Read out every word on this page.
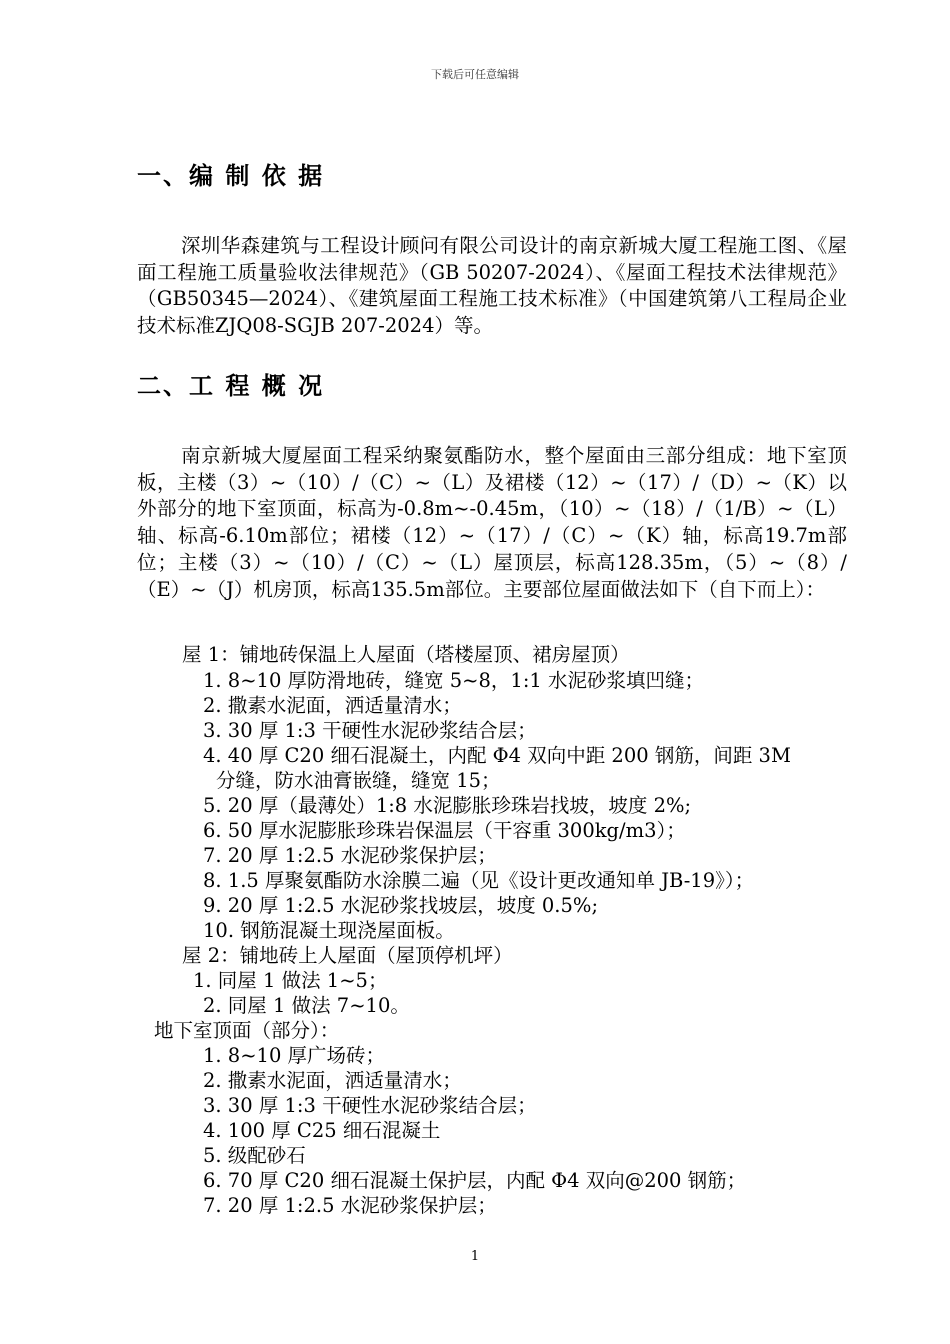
下载后可任意编辑
一、编 制 依 据
深圳华森建筑与工程设计顾问有限公司设计的南京新城大厦工程施工图、《屋面工程施工质量验收法律规范》（GB 50207-2024）、《屋面工程技术法律规范》（GB50345—2024）、《建筑屋面工程施工技术标准》（中国建筑第八工程局企业技术标准ZJQ08-SGJB 207-2024）等。
二、工 程 概 况
南京新城大厦屋面工程采纳聚氨酯防水，整个屋面由三部分组成：地下室顶板，主楼（3）~（10）/（C）~（L）及裙楼（12）~（17）/（D）~（K）以外部分的地下室顶面，标高为-0.8m~-0.45m，（10）~（18）/（1/B）~（L）轴、标高-6.10m部位；裙楼（12）~（17）/（C）~（K）轴，标高19.7m部位；主楼（3）~（10）/（C）~（L）屋顶层，标高128.35m，（5）~（8）/（E）~（J）机房顶，标高135.5m部位。主要部位屋面做法如下（自下而上）：
屋 1：铺地砖保温上人屋面（塔楼屋顶、裙房屋顶）
1. 8~10 厚防滑地砖，缝宽 5~8，1:1 水泥砂浆填凹缝；
2. 撒素水泥面，洒适量清水；
3. 30 厚 1:3 干硬性水泥砂浆结合层；
4. 40 厚 C20 细石混凝土，内配 Φ4 双向中距 200 钢筋，间距 3M
分缝，防水油膏嵌缝，缝宽 15；
5. 20 厚（最薄处）1:8 水泥膨胀珍珠岩找坡，坡度 2%;
6. 50 厚水泥膨胀珍珠岩保温层（干容重 300kg/m3）；
7. 20 厚 1:2.5 水泥砂浆保护层；
8. 1.5 厚聚氨酯防水涂膜二遍（见《设计更改通知单 JB-19》）；
9. 20 厚 1:2.5 水泥砂浆找坡层，坡度 0.5%;
10. 钢筋混凝土现浇屋面板。
屋 2：铺地砖上人屋面（屋顶停机坪）
1. 同屋 1 做法 1~5；
2. 同屋 1 做法 7~10。
地下室顶面（部分）：
1. 8~10 厚广场砖；
2. 撒素水泥面，洒适量清水；
3. 30 厚 1:3 干硬性水泥砂浆结合层；
4. 100 厚 C25 细石混凝土
5. 级配砂石
6. 70 厚 C20 细石混凝土保护层，内配 Φ4 双向@200 钢筋；
7. 20 厚 1:2.5 水泥砂浆保护层；
1
